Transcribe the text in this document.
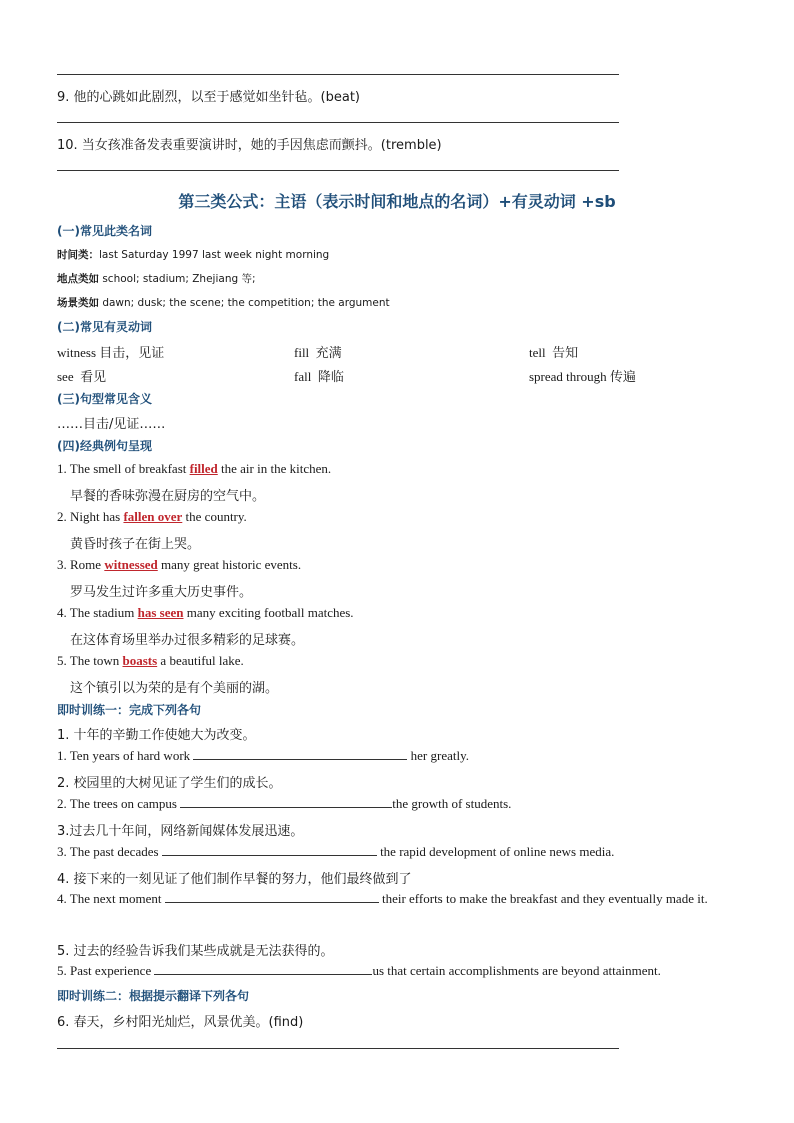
9. 他的心跳如此剧烈，以至于感觉如坐针毡。(beat)
10. 当女孩准备发表重要演讲时，她的手因焦虑而颤抖。(tremble)
第三类公式：主语（表示时间和地点的名词）+有灵动词 +sb
(一)常见此类名词
时间类：last Saturday 1997 last week night morning
地点类如 school; stadium; Zhejiang 等;
场景类如 dawn; dusk; the scene; the competition; the argument
(二)常见有灵动词
witness 目击，见证	fill 充满	tell 告知
see 看见	fall 降临	spread through 传遍
(三)句型常见含义
……目击/见证……
(四)经典例句呈现
1. The smell of breakfast filled the air in the kitchen.
早餐的香味弥漫在厨房的空气中。
2. Night has fallen over the country.
黄昏时孩子在街上哭。
3. Rome witnessed many great historic events.
罗马发生过许多重大历史事件。
4. The stadium has seen many exciting football matches.
在这体育场里举办过很多精彩的足球赛。
5. The town boasts a beautiful lake.
这个镇引以为荣的是有个美丽的湖。
即时训练一：完成下列各句
1. 十年的辛勤工作使她大为改变。
1. Ten years of hard work	her greatly.
2. 校园里的大树见证了学生们的成长。
2. The trees on campus	the growth of students.
3.过去几十年间，网络新闻媒体发展迅速。
3. The past decades	the rapid development of online news media.
4. 接下来的一刻见证了他们制作早餐的努力，他们最终做到了
4. The next moment	their efforts to make the breakfast and they eventually made it.
5. 过去的经验告诉我们某些成就是无法获得的。
5. Past experience	us that certain accomplishments are beyond attainment.
即时训练二：根据提示翻译下列各句
6. 春天，乡村阳光灿烂，风景优美。(find)
